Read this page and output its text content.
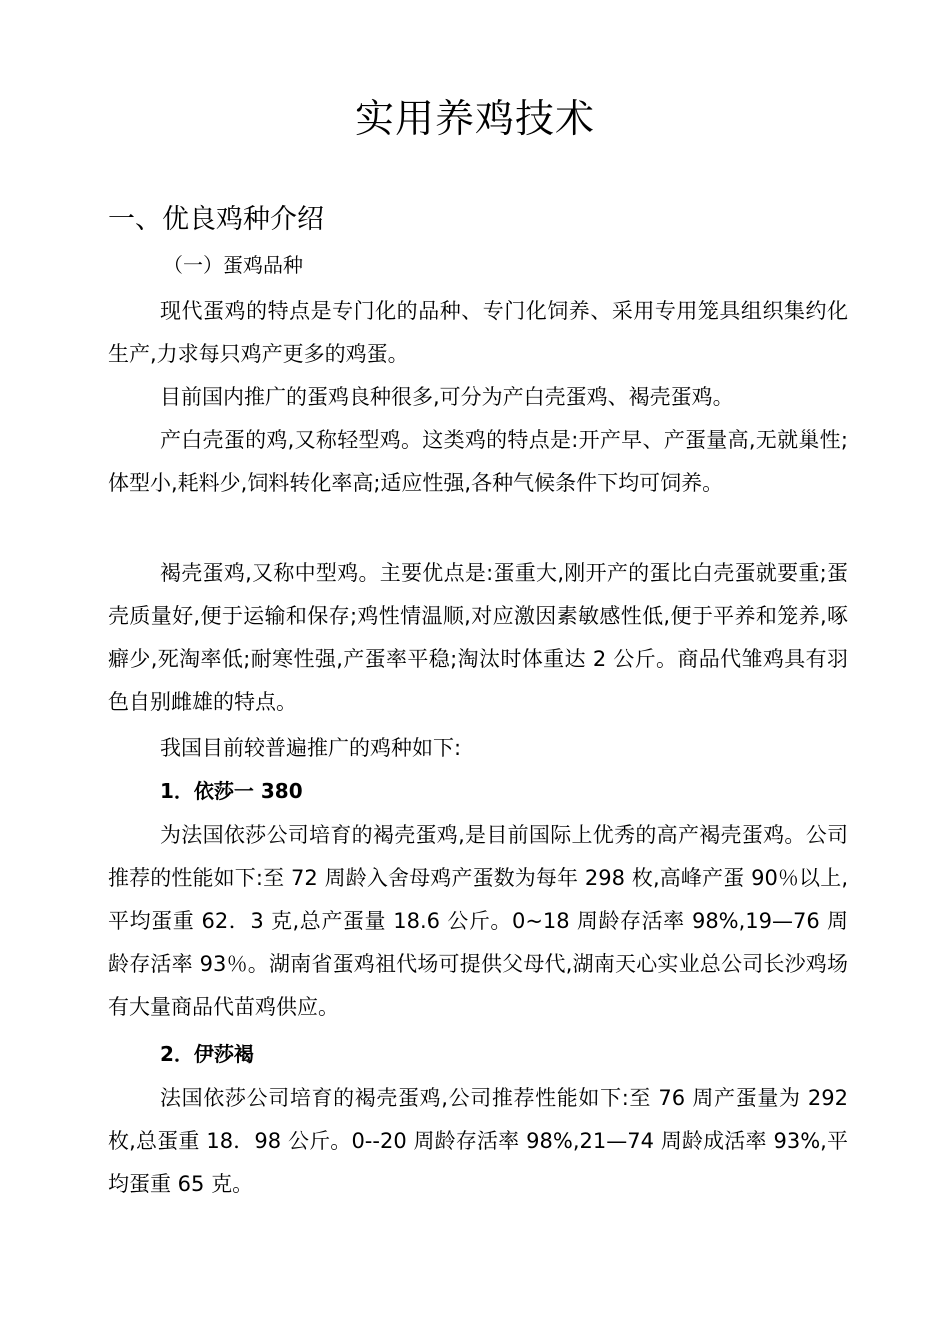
实用养鸡技术
一、优良鸡种介绍
（一）蛋鸡品种

现代蛋鸡的特点是专门化的品种、专门化饲养、采用专用笼具组织集约化生产,力求每只鸡产更多的鸡蛋。

目前国内推广的蛋鸡良种很多,可分为产白壳蛋鸡、褐壳蛋鸡。

产白壳蛋的鸡,又称轻型鸡。这类鸡的特点是:开产早、产蛋量高,无就巢性;体型小,耗料少,饲料转化率高;适应性强,各种气候条件下均可饲养。

褐壳蛋鸡,又称中型鸡。主要优点是:蛋重大,刚开产的蛋比白壳蛋就要重;蛋壳质量好,便于运输和保存;鸡性情温顺,对应激因素敏感性低,便于平养和笼养,啄癖少,死淘率低;耐寒性强,产蛋率平稳;淘汰时体重达 2 公斤。商品代雏鸡具有羽色自别雌雄的特点。

我国目前较普遍推广的鸡种如下:

1．依莎一 380

为法国依莎公司培育的褐壳蛋鸡,是目前国际上优秀的高产褐壳蛋鸡。公司推荐的性能如下:至 72 周龄入舍母鸡产蛋数为每年 298 枚,高峰产蛋 90％以上,平均蛋重 62．3 克,总产蛋量 18.6 公斤。0~18 周龄存活率 98%,19—76 周龄存活率 93％。湖南省蛋鸡祖代场可提供父母代,湖南天心实业总公司长沙鸡场有大量商品代苗鸡供应。

2．伊莎褐

法国依莎公司培育的褐壳蛋鸡,公司推荐性能如下:至 76 周产蛋量为 292 枚,总蛋重 18．98 公斤。0--20 周龄存活率 98%,21—74 周龄成活率 93%,平均蛋重 65 克。
